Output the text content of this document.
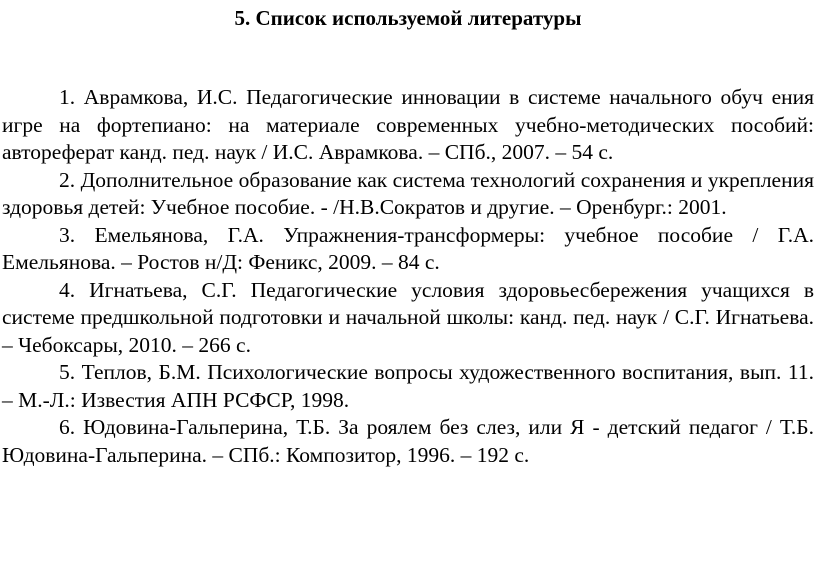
5. Список используемой литературы

1. Аврамкова, И.С. Педагогические инновации в системе начального обуч ения игре на фортепиано: на материале современных учебно-методических пособий: автореферат канд. пед. наук / И.С. Аврамкова. – СПб., 2007. – 54 с.

2. Дополнительное образование как система технологий сохранения и укрепления здоровья детей: Учебное пособие. - /Н.В.Сократов и другие. – Оренбург.: 2001.

3. Емельянова, Г.А. Упражнения-трансформеры: учебное пособие / Г.А. Емельянова. – Ростов н/Д: Феникс, 2009. – 84 с.

4. Игнатьева, С.Г. Педагогические условия здоровьесбережения учащихся в системе предшкольной подготовки и начальной школы: канд. пед. наук / С.Г. Игнатьева. – Чебоксары, 2010. – 266 с.

5. Теплов, Б.М. Психологические вопросы художественного воспитания, вып. 11. – М.-Л.: Известия АПН РСФСР, 1998.

6. Юдовина-Гальперина, Т.Б. За роялем без слез, или Я - детский педагог / Т.Б. Юдовина-Гальперина. – СПб.: Композитор, 1996. – 192 с.
